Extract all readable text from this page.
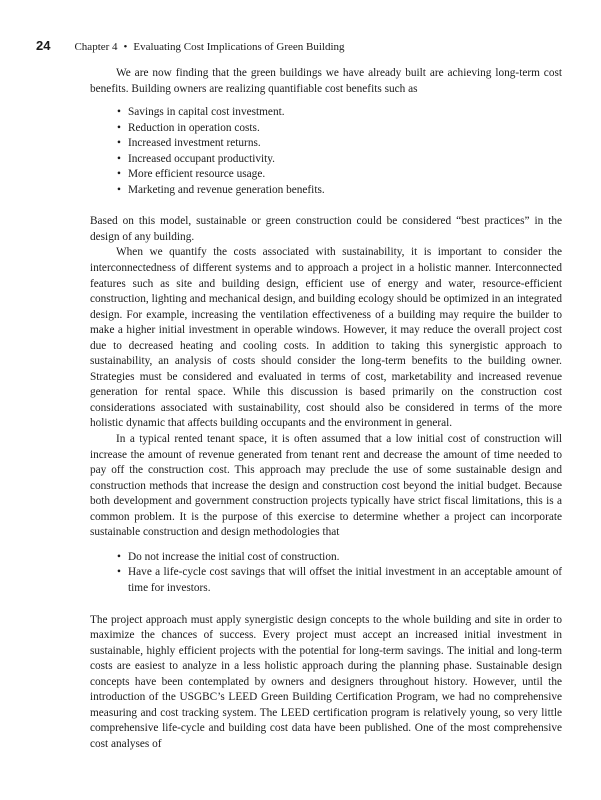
24 Chapter 4 • Evaluating Cost Implications of Green Building

We are now finding that the green buildings we have already built are achieving long-term cost benefits. Building owners are realizing quantifiable cost benefits such as

• Savings in capital cost investment.
• Reduction in operation costs.
• Increased investment returns.
• Increased occupant productivity.
• More efficient resource usage.
• Marketing and revenue generation benefits.

Based on this model, sustainable or green construction could be considered “best practices” in the design of any building.

When we quantify the costs associated with sustainability, it is important to consider the interconnectedness of different systems and to approach a project in a holistic manner. Interconnected features such as site and building design, efficient use of energy and water, resource-efficient construction, lighting and mechanical design, and building ecology should be optimized in an integrated design. For example, increasing the ventilation effectiveness of a building may require the builder to make a higher initial investment in operable windows. However, it may reduce the overall project cost due to decreased heating and cooling costs. In addition to taking this synergistic approach to sustainability, an analysis of costs should consider the long-term benefits to the building owner. Strategies must be considered and evaluated in terms of cost, marketability and increased revenue generation for rental space. While this discussion is based primarily on the construction cost considerations associated with sustainability, cost should also be considered in terms of the more holistic dynamic that affects building occupants and the environment in general.

In a typical rented tenant space, it is often assumed that a low initial cost of construction will increase the amount of revenue generated from tenant rent and decrease the amount of time needed to pay off the construction cost. This approach may preclude the use of some sustainable design and construction methods that increase the design and construction cost beyond the initial budget. Because both development and government construction projects typically have strict fiscal limitations, this is a common problem. It is the purpose of this exercise to determine whether a project can incorporate sustainable construction and design methodologies that

• Do not increase the initial cost of construction.
• Have a life-cycle cost savings that will offset the initial investment in an acceptable amount of time for investors.

The project approach must apply synergistic design concepts to the whole building and site in order to maximize the chances of success. Every project must accept an increased initial investment in sustainable, highly efficient projects with the potential for long-term savings. The initial and long-term costs are easiest to analyze in a less holistic approach during the planning phase. Sustainable design concepts have been contemplated by owners and designers throughout history. However, until the introduction of the USGBC’s LEED Green Building Certification Program, we had no comprehensive measuring and cost tracking system. The LEED certification program is relatively young, so very little comprehensive life-cycle and building cost data have been published. One of the most comprehensive cost analyses of
